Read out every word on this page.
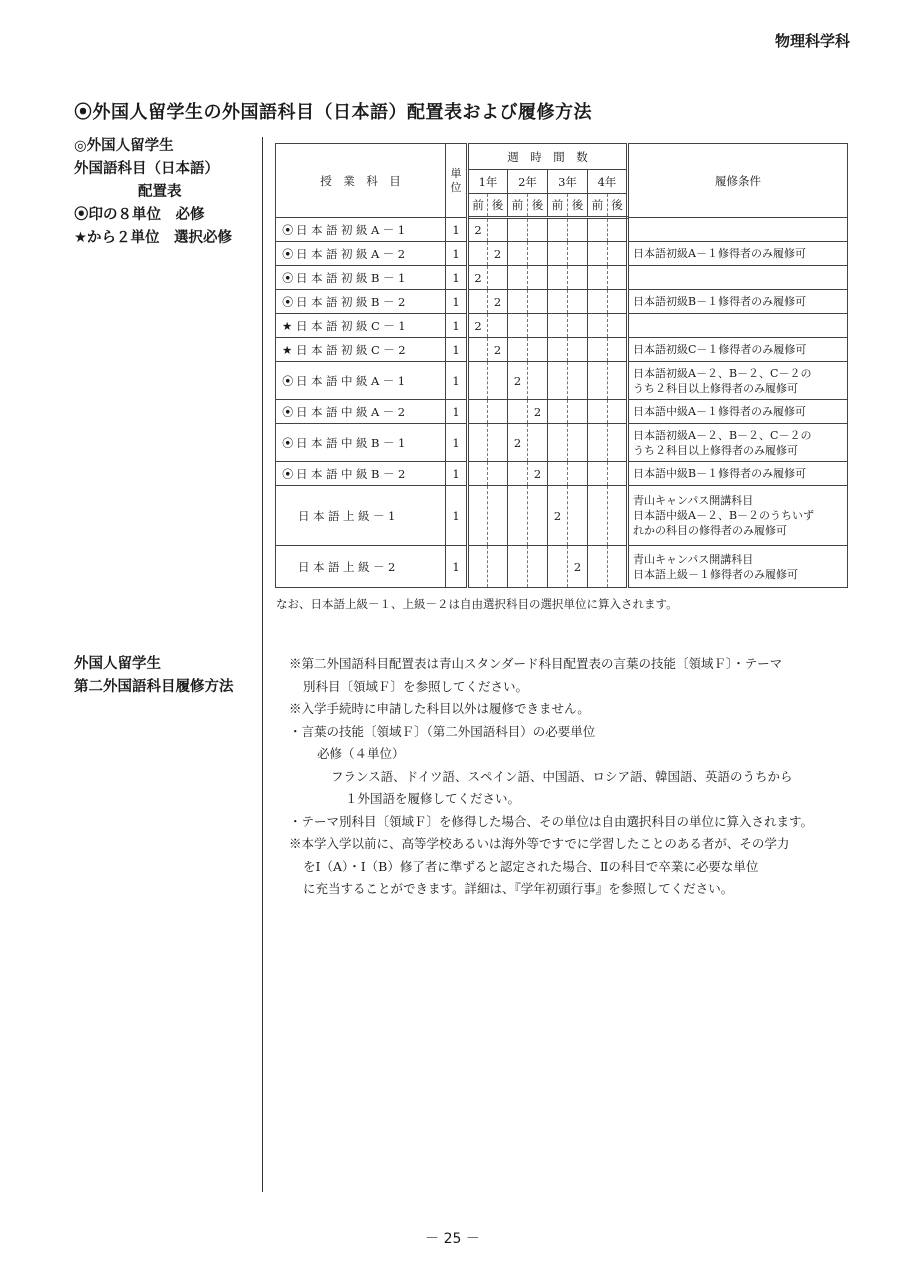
物理科学科
⦿外国人留学生の外国語科目（日本語）配置表および履修方法
◎外国人留学生
外国語科目（日本語）
配置表
⦿印の８単位　必修
★から２単位　選択必修
授　業　科　目	単位	週　時　間　数								履修条件
		1年		2年		3年		4年		
		前	後	前	後	前	後	前	後	
⦿日本語初級A－1	1	2								

⦿日本語初級A－2	1		2							日本語初級A－１修得者のみ履修可

⦿日本語初級B－1	1	2								

⦿日本語初級B－2	1		2							日本語初級B－１修得者のみ履修可

★日本語初級C－1	1	2								

★日本語初級C－2	1		2							日本語初級C－１修得者のみ履修可

⦿日本語中級A－1	1			2						日本語初級A－２、B－２、C－２の
うち２科目以上修得者のみ履修可

⦿日本語中級A－2	1				2					日本語中級A－１修得者のみ履修可

⦿日本語中級B－1	1			2						日本語初級A－２、B－２、C－２の
うち２科目以上修得者のみ履修可

⦿日本語中級B－2	1				2					日本語中級B－１修得者のみ履修可

日本語上級－1	1					2				青山キャンパス開講科目
日本語中級A－２、B－２のうちいず
れかの科目の修得者のみ履修可

日本語上級－2	1						2			青山キャンパス開講科目
日本語上級－１修得者のみ履修可
なお、日本語上級－１、上級－２は自由選択科目の選択単位に算入されます。
外国人留学生
第二外国語科目履修方法
※第二外国語科目配置表は青山スタンダード科目配置表の言葉の技能〔領域Ｆ〕・テーマ
別科目〔領域Ｆ〕を参照してください。
※入学手続時に申請した科目以外は履修できません。
・言葉の技能〔領域Ｆ〕（第二外国語科目）の必要単位
必修（４単位）
フランス語、ドイツ語、スペイン語、中国語、ロシア語、韓国語、英語のうちから
１外国語を履修してください。
・テーマ別科目〔領域Ｆ〕を修得した場合、その単位は自由選択科目の単位に算入されます。
※本学入学以前に、高等学校あるいは海外等ですでに学習したことのある者が、その学力
をⅠ（A）・Ⅰ（B）修了者に準ずると認定された場合、Ⅱの科目で卒業に必要な単位
に充当することができます。詳細は、『学年初頭行事』を参照してください。
－ 25 －
